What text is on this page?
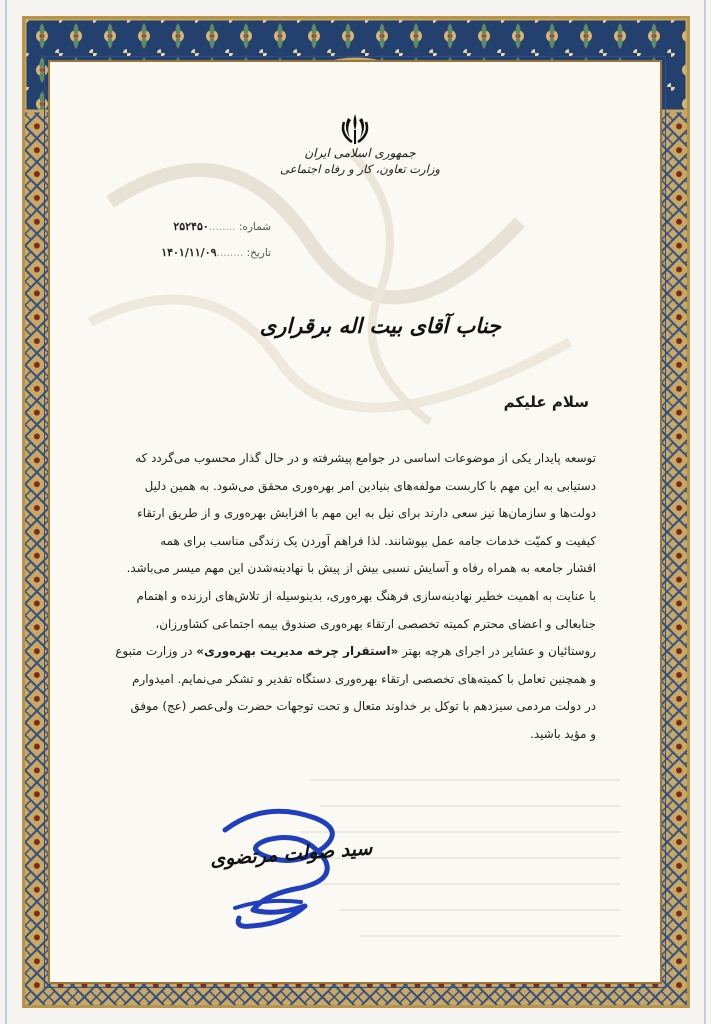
جمهوری اسلامی ایران
وزارت تعاون، کار و رفاه اجتماعی
شماره: ........۲۵۲۴۵۰
تاریخ: ........۱۴۰۱/۱۱/۰۹
جناب آقای بیت اله برقراری
سلام علیکم
توسعه پایدار یکی از موضوعات اساسی در جوامع پیشرفته و در حال گذار محسوب می‌گردد که
دستیابی به این مهم با کاربست مولفه‌های بنیادین امر بهره‌وری محقق می‌شود. به همین دلیل
دولت‌ها و سازمان‌ها نیز سعی دارند برای نیل به این مهم با افزایش بهره‌وری و از طریق ارتقاء
کیفیت و کمیّت خدمات جامه عمل بپوشانند. لذا فراهم آوردن یک زندگی مناسب برای همه
اقشار جامعه به همراه رفاه و آسایش نسبی بیش از پیش با نهادینه‌شدن این مهم میسر می‌باشد.
با عنایت به اهمیت خطیر نهادینه‌سازی فرهنگ بهره‌وری، بدینوسیله از تلاش‌های ارزنده و اهتمام
جنابعالی و اعضای محترم کمیته تخصصی ارتقاء بهره‌وری صندوق بیمه اجتماعی کشاورزان،
روستائیان و عشایر در اجرای هرچه بهتر «استقرار چرخه مدیریت بهره‌وری» در وزارت متبوع
و همچنین تعامل با کمیته‌های تخصصی ارتقاء بهره‌وری دستگاه تقدیر و تشکر می‌نمایم. امیدوارم
در دولت مردمی سیزدهم با توکل بر خداوند متعال و تحت توجهات حضرت ولی‌عصر (عج) موفق
و مؤید باشید.
سید صولت مرتضوی
